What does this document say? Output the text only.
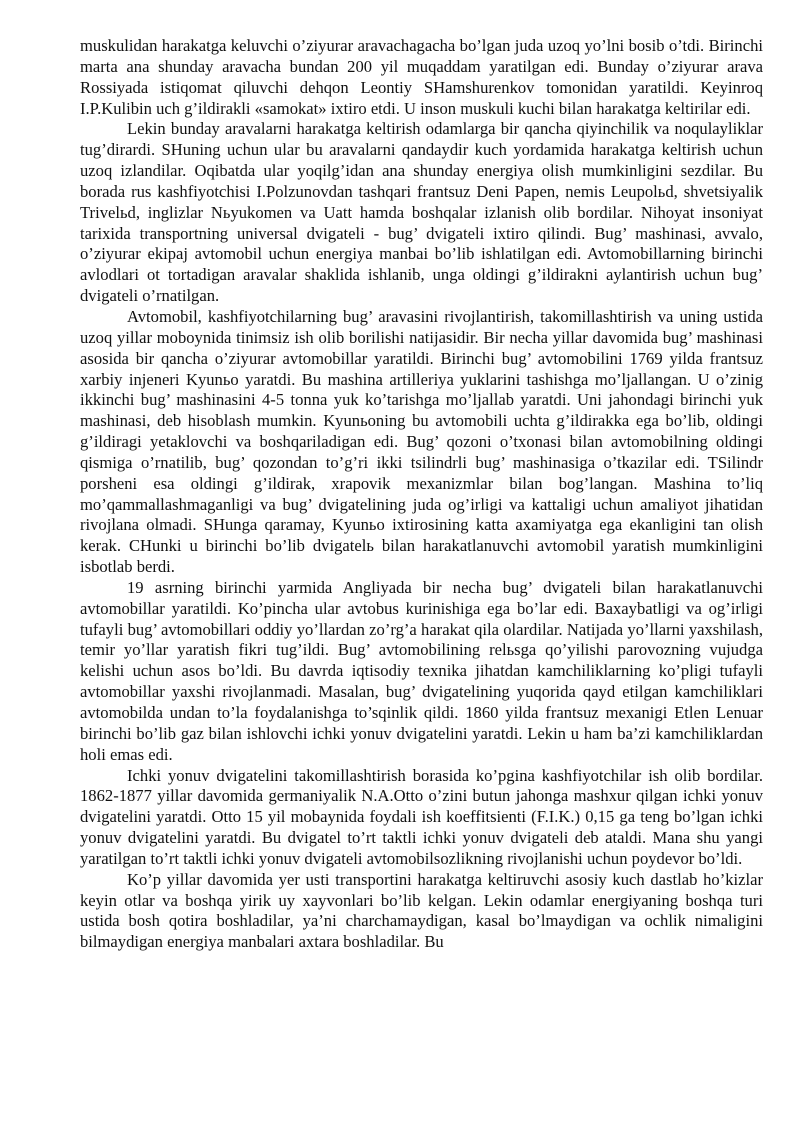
muskulidan harakatga keluvchi o’ziyurar aravachagacha bo’lgan juda uzoq yo’lni bosib o’tdi. Birinchi marta ana shunday aravacha bundan 200 yil muqaddam yaratilgan edi. Bunday o’ziyurar arava Rossiyada istiqomat qiluvchi dehqon Leontiy SHamshurenkov tomonidan yaratildi. Keyinroq I.P.Kulibin uch g’ildirakli «samokat» ixtiro etdi. U inson muskuli kuchi bilan harakatga keltirilar edi.

Lekin bunday aravalarni harakatga keltirish odamlarga bir qancha qiyinchilik va noqulayliklar tug’dirardi. SHuning uchun ular bu aravalarni qandaydir kuch yordamida harakatga keltirish uchun uzoq izlandilar. Oqibatda ular yoqilg’idan ana shunday energiya olish mumkinligini sezdilar. Bu borada rus kashfiyotchisi I.Polzunovdan tashqari frantsuz Deni Papen, nemis Leupolьd, shvetsiyalik Trivelьd, inglizlar Nьyukomen va Uatt hamda boshqalar izlanish olib bordilar. Nihoyat insoniyat tarixida transportning universal dvigateli - bug’ dvigateli ixtiro qilindi. Bug’ mashinasi, avvalo, o’ziyurar ekipaj avtomobil uchun energiya manbai bo’lib ishlatilgan edi. Avtomobillarning birinchi avlodlari ot tortadigan aravalar shaklida ishlanib, unga oldingi g’ildirakni aylantirish uchun bug’ dvigateli o’rnatilgan.

Avtomobil, kashfiyotchilarning bug’ aravasini rivojlantirish, takomillashtirish va uning ustida uzoq yillar moboynida tinimsiz ish olib borilishi natijasidir. Bir necha yillar davomida bug’ mashinasi asosida bir qancha o’ziyurar avtomobillar yaratildi. Birinchi bug’ avtomobilini 1769 yilda frantsuz xarbiy injeneri Kyunьo yaratdi. Bu mashina artilleriya yuklarini tashishga mo’ljallangan. U o’zinig ikkinchi bug’ mashinasini 4-5 tonna yuk ko’tarishga mo’ljallab yaratdi. Uni jahondagi birinchi yuk mashinasi, deb hisoblash mumkin. Kyunьoning bu avtomobili uchta g’ildirakka ega bo’lib, oldingi g’ildiragi yetaklovchi va boshqariladigan edi. Bug’ qozoni o’txonasi bilan avtomobilning oldingi qismiga o’rnatilib, bug’ qozondan to’g’ri ikki tsilindrli bug’ mashinasiga o’tkazilar edi. TSilindr porsheni esa oldingi g’ildirak, xrapovik mexanizmlar bilan bog’langan. Mashina to’liq mo’qammallashmaganligi va bug’ dvigatelining juda og’irligi va kattaligi uchun amaliyot jihatidan rivojlana olmadi. SHunga qaramay, Kyunьo ixtirosining katta axamiyatga ega ekanligini tan olish kerak. CHunki u birinchi bo’lib dvigatelь bilan harakatlanuvchi avtomobil yaratish mumkinligini isbotlab berdi.

19 asrning birinchi yarmida Angliyada bir necha bug’ dvigateli bilan harakatlanuvchi avtomobillar yaratildi. Ko’pincha ular avtobus kurinishiga ega bo’lar edi. Baxaybatligi va og’irligi tufayli bug’ avtomobillari oddiy yo’llardan zo’rg’a harakat qila olardilar. Natijada yo’llarni yaxshilash, temir yo’llar yaratish fikri tug’ildi. Bug’ avtomobilining relьsga qo’yilishi parovozning vujudga kelishi uchun asos bo’ldi. Bu davrda iqtisodiy texnika jihatdan kamchiliklarning ko’pligi tufayli avtomobillar yaxshi rivojlanmadi. Masalan, bug’ dvigatelining yuqorida qayd etilgan kamchiliklari avtomobilda undan to’la foydalanishga to’sqinlik qildi. 1860 yilda frantsuz mexanigi Etlen Lenuar birinchi bo’lib gaz bilan ishlovchi ichki yonuv dvigatelini yaratdi. Lekin u ham ba’zi kamchiliklardan holi emas edi.

Ichki yonuv dvigatelini takomillashtirish borasida ko’pgina kashfiyotchilar ish olib bordilar. 1862-1877 yillar davomida germaniyalik N.A.Otto o’zini butun jahonga mashxur qilgan ichki yonuv dvigatelini yaratdi. Otto 15 yil mobaynida foydali ish koeffitsienti (F.I.K.) 0,15 ga teng bo’lgan ichki yonuv dvigatelini yaratdi. Bu dvigatel to’rt taktli ichki yonuv dvigateli deb ataldi. Mana shu yangi yaratilgan to’rt taktli ichki yonuv dvigateli avtomobilsozlikning rivojlanishi uchun poydevor bo’ldi.

Ko’p yillar davomida yer usti transportini harakatga keltiruvchi asosiy kuch dastlab ho’kizlar keyin otlar va boshqa yirik uy xayvonlari bo’lib kelgan. Lekin odamlar energiyaning boshqa turi ustida bosh qotira boshladilar, ya’ni charchamaydigan, kasal bo’lmaydigan va ochlik nimaligini bilmaydigan energiya manbalari axtara boshladilar. Bu
